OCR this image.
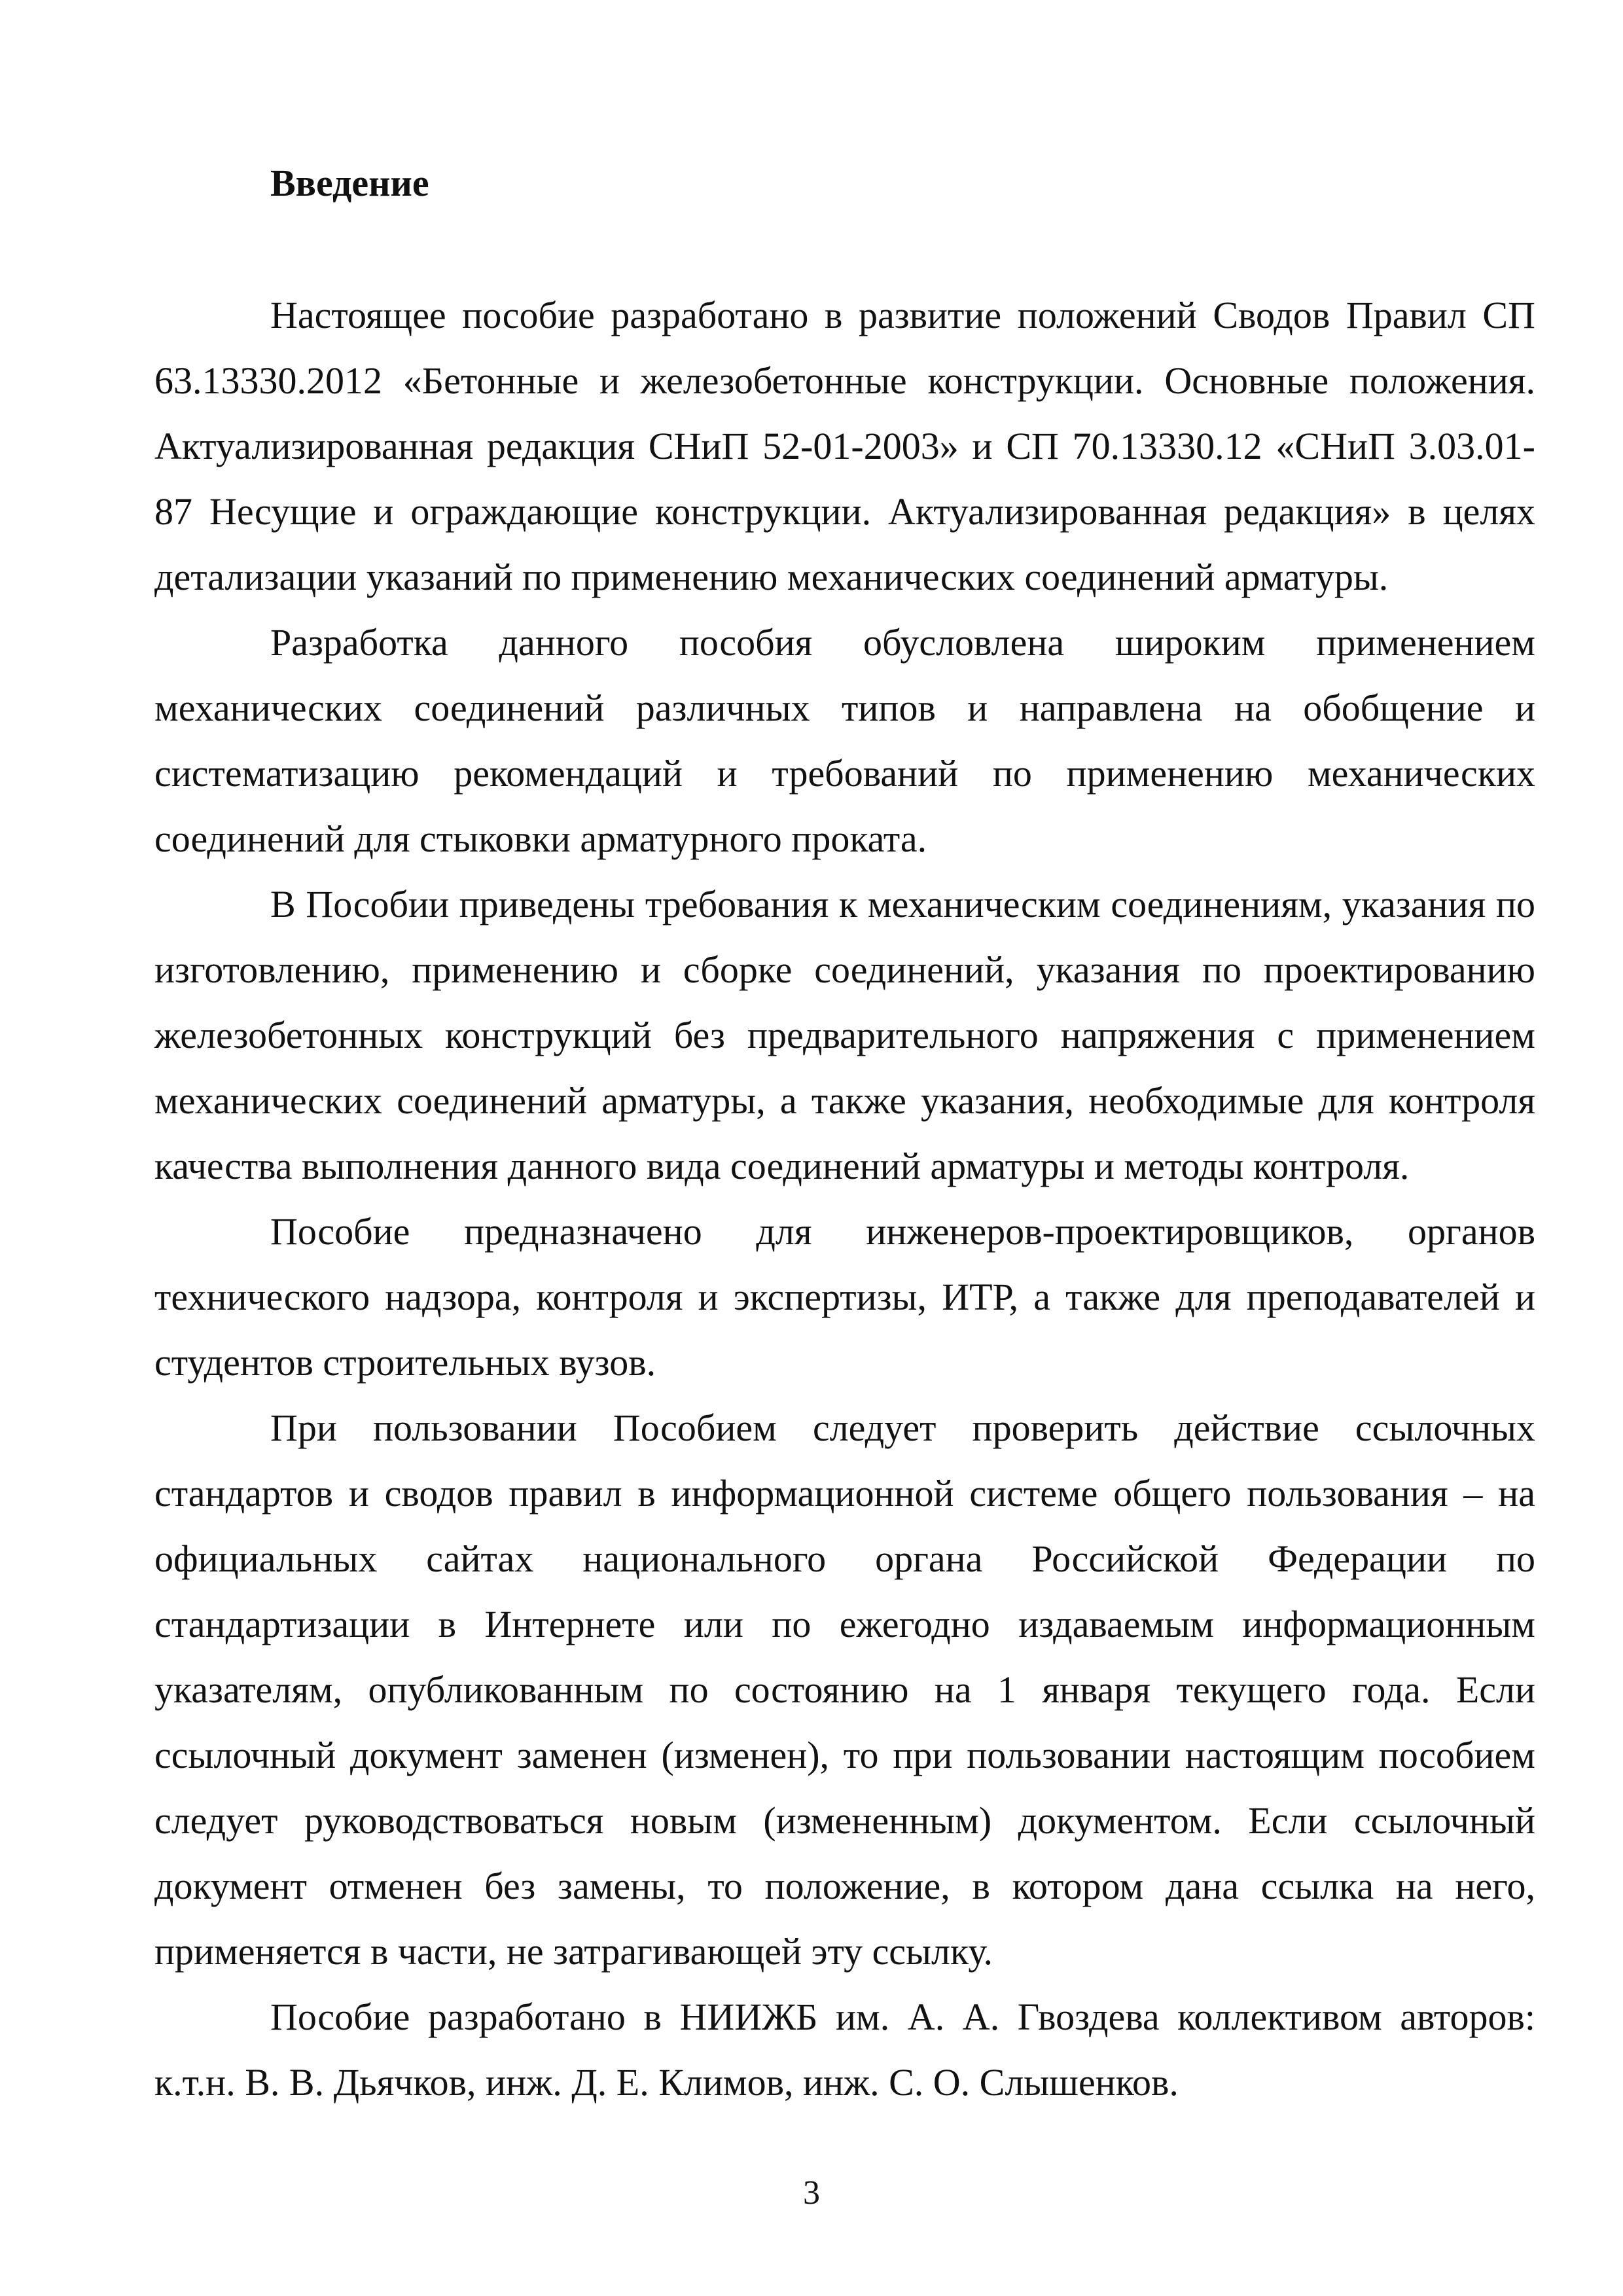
Введение

Настоящее пособие разработано в развитие положений Сводов Правил СП 63.13330.2012 «Бетонные и железобетонные конструкции. Основные положения. Актуализированная редакция СНиП 52-01-2003» и СП 70.13330.12 «СНиП 3.03.01-87 Несущие и ограждающие конструкции. Актуализированная редакция» в целях детализации указаний по применению механических соединений арматуры.

Разработка данного пособия обусловлена широким применением механических соединений различных типов и направлена на обобщение и систематизацию рекомендаций и требований по применению механических соединений для стыковки арматурного проката.

В Пособии приведены требования к механическим соединениям, указания по изготовлению, применению и сборке соединений, указания по проектированию железобетонных конструкций без предварительного напряжения с применением механических соединений арматуры, а также указания, необходимые для контроля качества выполнения данного вида соединений арматуры и методы контроля.

Пособие предназначено для инженеров-проектировщиков, органов технического надзора, контроля и экспертизы, ИТР, а также для преподавателей и студентов строительных вузов.

При пользовании Пособием следует проверить действие ссылочных стандартов и сводов правил в информационной системе общего пользования – на официальных сайтах национального органа Российской Федерации по стандартизации в Интернете или по ежегодно издаваемым информационным указателям, опубликованным по состоянию на 1 января текущего года. Если ссылочный документ заменен (изменен), то при пользовании настоящим пособием следует руководствоваться новым (измененным) документом. Если ссылочный документ отменен без замены, то положение, в котором дана ссылка на него, применяется в части, не затрагивающей эту ссылку.

Пособие разработано в НИИЖБ им. А. А. Гвоздева коллективом авторов: к.т.н. В. В. Дьячков, инж. Д. Е. Климов, инж. С. О. Слышенков.

3
